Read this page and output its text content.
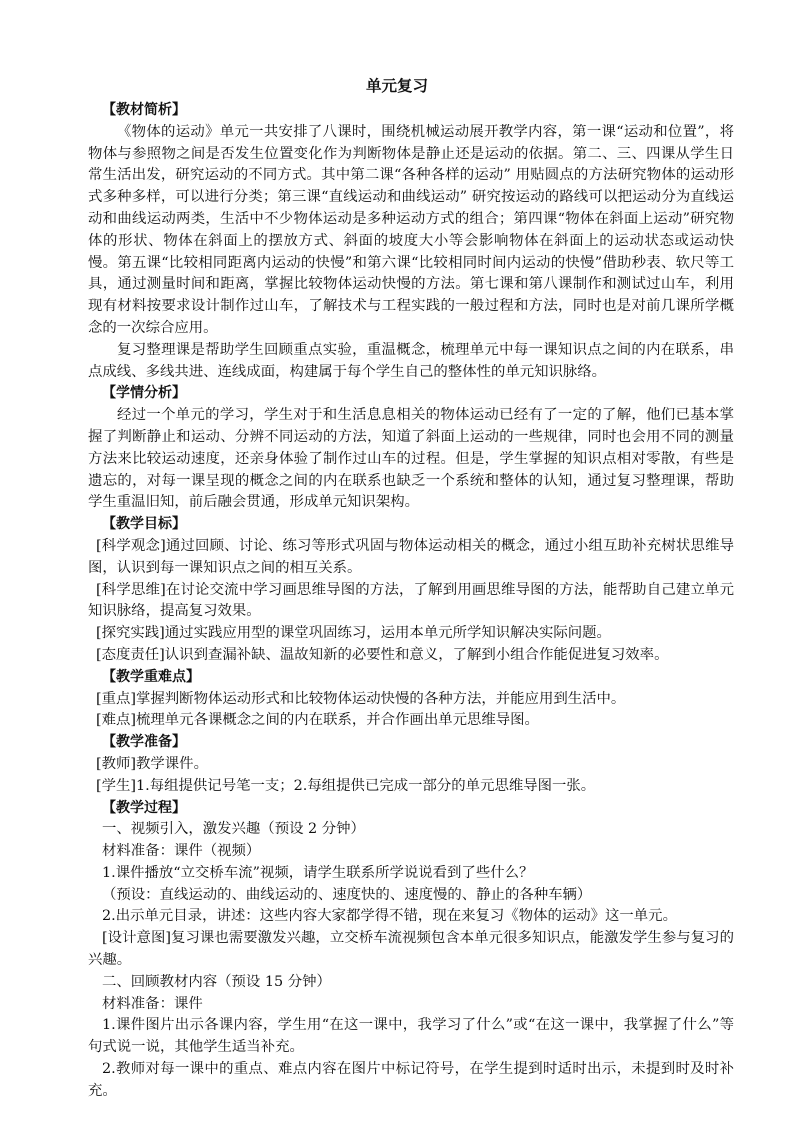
单元复习

【教材简析】

《物体的运动》单元一共安排了八课时，围绕机械运动展开教学内容，第一课“运动和位置”，将物体与参照物之间是否发生位置变化作为判断物体是静止还是运动的依据。第二、三、四课从学生日常生活出发，研究运动的不同方式。其中第二课“各种各样的运动” 用贴圆点的方法研究物体的运动形式多种多样，可以进行分类；第三课“直线运动和曲线运动” 研究按运动的路线可以把运动分为直线运动和曲线运动两类，生活中不少物体运动是多种运动方式的组合；第四课“物体在斜面上运动”研究物体的形状、物体在斜面上的摆放方式、斜面的坡度大小等会影响物体在斜面上的运动状态或运动快慢。第五课“比较相同距离内运动的快慢”和第六课“比较相同时间内运动的快慢”借助秒表、软尺等工具，通过测量时间和距离，掌握比较物体运动快慢的方法。第七课和第八课制作和测试过山车，利用现有材料按要求设计制作过山车，了解技术与工程实践的一般过程和方法，同时也是对前几课所学概念的一次综合应用。

复习整理课是帮助学生回顾重点实验，重温概念，梳理单元中每一课知识点之间的内在联系，串点成线、多线共进、连线成面，构建属于每个学生自己的整体性的单元知识脉络。

【学情分析】

经过一个单元的学习，学生对于和生活息息相关的物体运动已经有了一定的了解，他们已基本掌握了判断静止和运动、分辨不同运动的方法，知道了斜面上运动的一些规律，同时也会用不同的测量方法来比较运动速度，还亲身体验了制作过山车的过程。但是，学生掌握的知识点相对零散，有些是遗忘的，对每一课呈现的概念之间的内在联系也缺乏一个系统和整体的认知，通过复习整理课，帮助学生重温旧知，前后融会贯通，形成单元知识架构。

【教学目标】

[科学观念]通过回顾、讨论、练习等形式巩固与物体运动相关的概念，通过小组互助补充树状思维导图，认识到每一课知识点之间的相互关系。

[科学思维]在讨论交流中学习画思维导图的方法，了解到用画思维导图的方法，能帮助自己建立单元知识脉络，提高复习效果。

[探究实践]通过实践应用型的课堂巩固练习，运用本单元所学知识解决实际问题。

[态度责任]认识到查漏补缺、温故知新的必要性和意义，了解到小组合作能促进复习效率。

【教学重难点】

[重点]掌握判断物体运动形式和比较物体运动快慢的各种方法，并能应用到生活中。

[难点]梳理单元各课概念之间的内在联系，并合作画出单元思维导图。

【教学准备】

[教师]教学课件。

[学生]1.每组提供记号笔一支；2.每组提供已完成一部分的单元思维导图一张。

【教学过程】

一、视频引入，激发兴趣（预设 2 分钟）

材料准备：课件（视频）

1.课件播放“立交桥车流”视频，请学生联系所学说说看到了些什么？

（预设：直线运动的、曲线运动的、速度快的、速度慢的、静止的各种车辆）

2.出示单元目录，讲述：这些内容大家都学得不错，现在来复习《物体的运动》这一单元。

[设计意图]复习课也需要激发兴趣，立交桥车流视频包含本单元很多知识点，能激发学生参与复习的兴趣。

二、回顾教材内容（预设 15 分钟）

材料准备：课件

1.课件图片出示各课内容，学生用“在这一课中，我学习了什么”或“在这一课中，我掌握了什么”等句式说一说，其他学生适当补充。

2.教师对每一课中的重点、难点内容在图片中标记符号，在学生提到时适时出示，未提到时及时补充。
